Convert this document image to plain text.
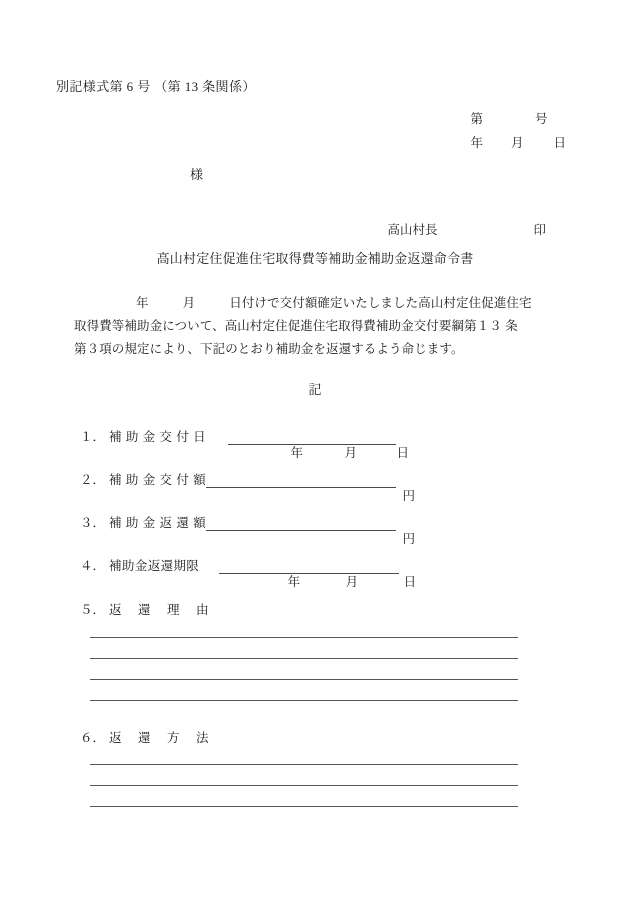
別記様式第 6 号 （第 13 条関係）

第	号

年 月 日

様

高山村長	印

高山村定住促進住宅取得費等補助金補助金返還命令書
年	月	日付けで交付額確定いたしました高山村定住促進住宅
取得費等補助金について、高山村定住促進住宅取得費補助金交付要綱第１３ 条
第３項の規定により、下記のとおり補助金を返還するよう命じます。
記
１． 補 助 金 交 付 日

年	月	日

２． 補 助 金 交 付 額

円

３． 補 助 金 返 還 額

円

４． 補助金返還期限

年	月	日

５． 返　還　理　由
６． 返　還　方　法
